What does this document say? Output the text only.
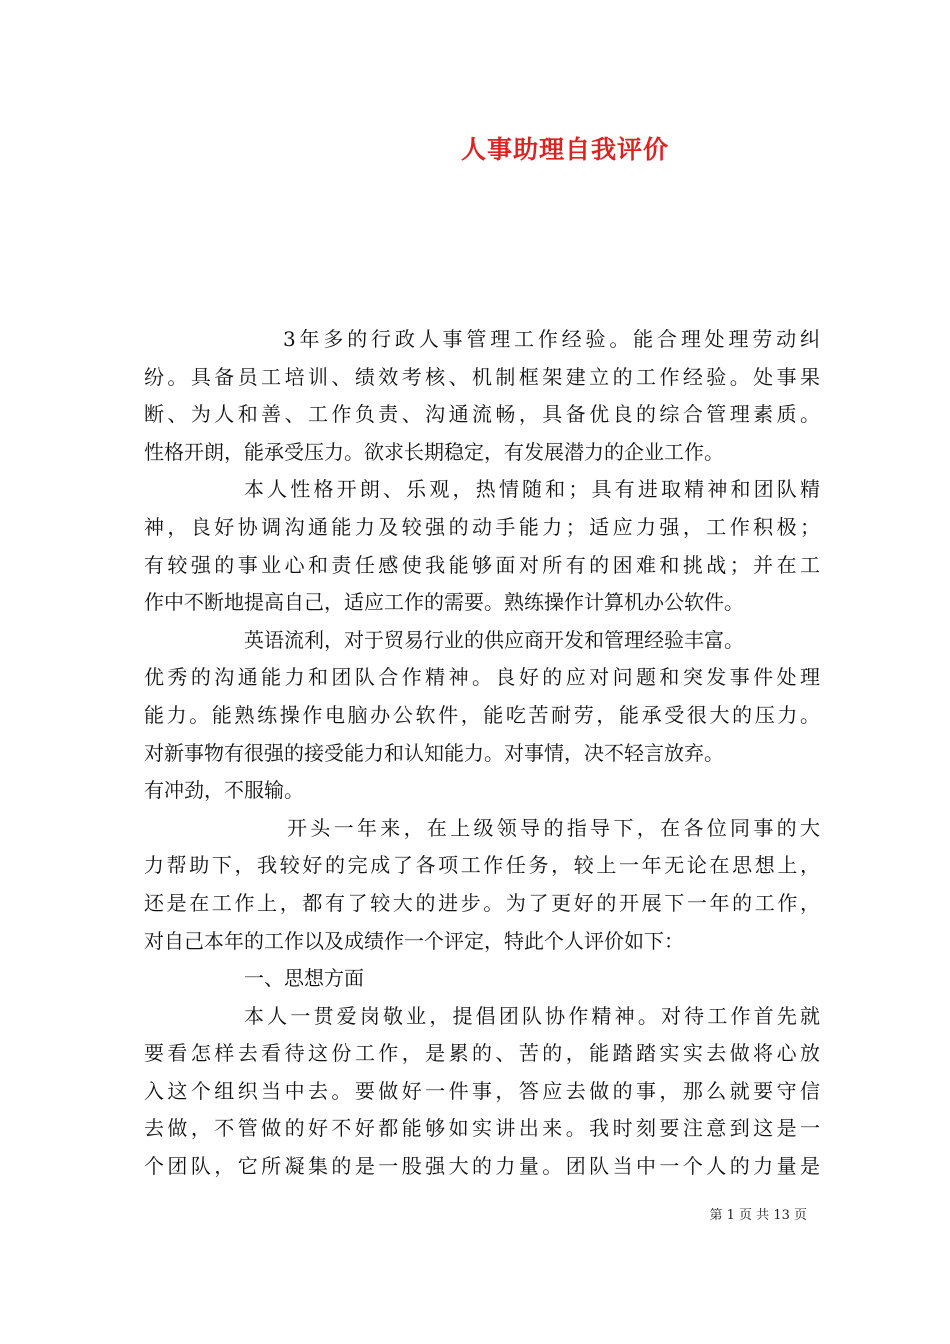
人事助理自我评价
3年多的行政人事管理工作经验。能合理处理劳动纠
纷。具备员工培训、绩效考核、机制框架建立的工作经验。处事果
断、为人和善、工作负责、沟通流畅，具备优良的综合管理素质。
性格开朗，能承受压力。欲求长期稳定，有发展潜力的企业工作。
本人性格开朗、乐观，热情随和；具有进取精神和团队精
神，良好协调沟通能力及较强的动手能力；适应力强，工作积极；
有较强的事业心和责任感使我能够面对所有的困难和挑战；并在工
作中不断地提高自己，适应工作的需要。熟练操作计算机办公软件。
英语流利，对于贸易行业的供应商开发和管理经验丰富。
优秀的沟通能力和团队合作精神。良好的应对问题和突发事件处理
能力。能熟练操作电脑办公软件，能吃苦耐劳，能承受很大的压力。
对新事物有很强的接受能力和认知能力。对事情，决不轻言放弃。
有冲劲，不服输。
开头一年来，在上级领导的指导下，在各位同事的大
力帮助下，我较好的完成了各项工作任务，较上一年无论在思想上，
还是在工作上，都有了较大的进步。为了更好的开展下一年的工作，
对自己本年的工作以及成绩作一个评定，特此个人评价如下：
一、思想方面
本人一贯爱岗敬业，提倡团队协作精神。对待工作首先就
要看怎样去看待这份工作，是累的、苦的，能踏踏实实去做将心放
入这个组织当中去。要做好一件事，答应去做的事，那么就要守信
去做，不管做的好不好都能够如实讲出来。我时刻要注意到这是一
个团队，它所凝集的是一股强大的力量。团队当中一个人的力量是
第 1 页 共 13 页
